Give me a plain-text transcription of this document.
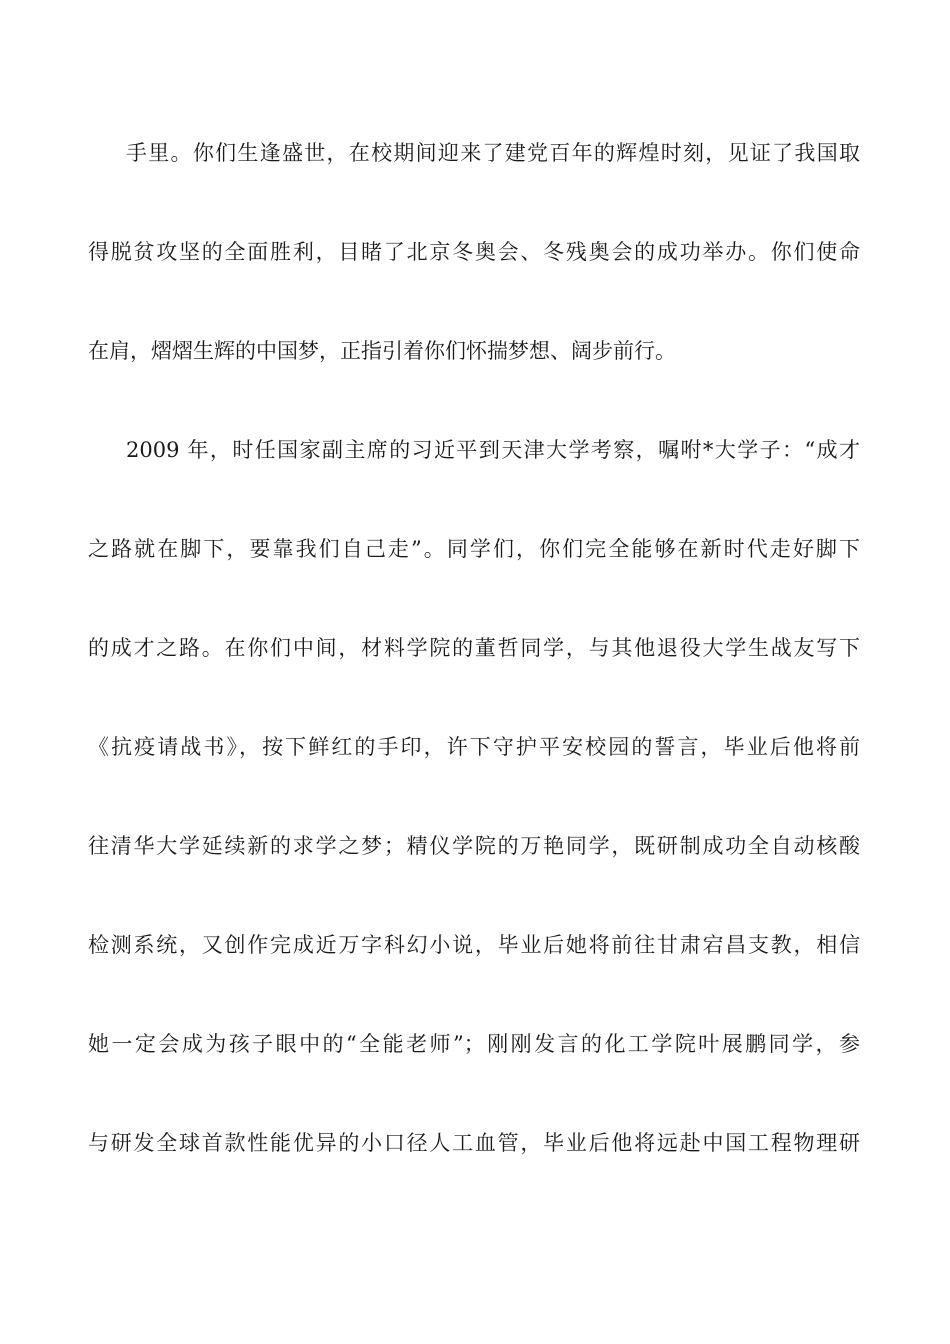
手里。你们生逢盛世，在校期间迎来了建党百年的辉煌时刻，见证了我国取
得脱贫攻坚的全面胜利，目睹了北京冬奥会、冬残奥会的成功举办。你们使命
在肩，熠熠生辉的中国梦，正指引着你们怀揣梦想、阔步前行。
2009 年，时任国家副主席的习近平到天津大学考察，嘱咐*大学子：“成才
之路就在脚下，要靠我们自己走”。同学们，你们完全能够在新时代走好脚下
的成才之路。在你们中间，材料学院的董哲同学，与其他退役大学生战友写下
《抗疫请战书》，按下鲜红的手印，许下守护平安校园的誓言，毕业后他将前
往清华大学延续新的求学之梦；精仪学院的万艳同学，既研制成功全自动核酸
检测系统，又创作完成近万字科幻小说，毕业后她将前往甘肃宕昌支教，相信
她一定会成为孩子眼中的“全能老师”；刚刚发言的化工学院叶展鹏同学，参
与研发全球首款性能优异的小口径人工血管，毕业后他将远赴中国工程物理研
